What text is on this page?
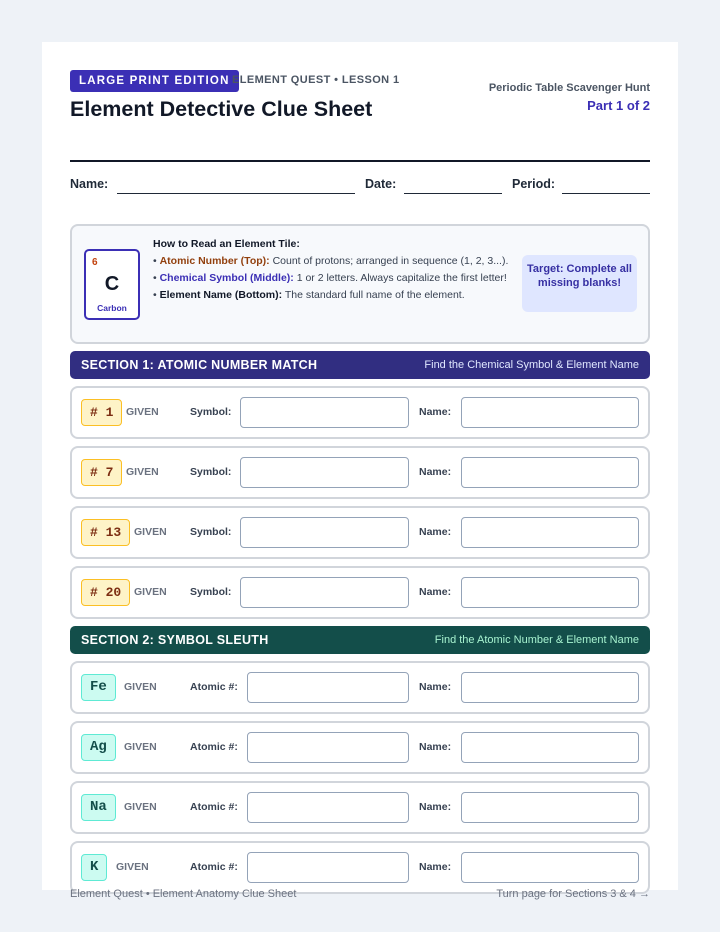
LARGE PRINT EDITION ELEMENT QUEST • LESSON 1
Element Detective Clue Sheet
Periodic Table Scavenger Hunt
Part 1 of 2
Name:	Date:	Period:
6
C
Carbon
How to Read an Element Tile:

• Atomic Number (Top): Count of protons; arranged in sequence (1, 2, 3...).

• Chemical Symbol (Middle): 1 or 2 letters. Always capitalize the first letter!

• Element Name (Bottom): The standard full name of the element.

Target: Complete all missing blanks!
SECTION 1: ATOMIC NUMBER MATCH	Find the Chemical Symbol & Element Name
# 1	GIVEN	Symbol:	Name:
# 7	GIVEN	Symbol:	Name:
# 13	GIVEN Symbol:	Name:
# 20	GIVEN Symbol:	Name:
SECTION 2: SYMBOL SLEUTH	Find the Atomic Number & Element Name
Fe	GIVEN	Atomic #:	Name:
Ag	GIVEN	Atomic #:	Name:
Na	GIVEN	Atomic #:	Name:
K	GIVEN	Atomic #:	Name:
Element Quest • Element Anatomy Clue Sheet	Turn page for Sections 3 & 4 →
